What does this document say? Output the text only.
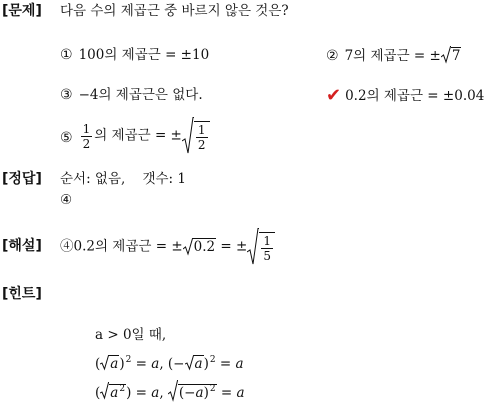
[문제] 다음 수의 제곱근 중 바르지 않은 것은?
① 100의 제곱근 = ±10	② 7의 제곱근 = ± 7
③ −4의 제곱근은 없다.	✔ 0.2의 제곱근 = ±0.04
⑤ $\frac{1}{2}$ 의 제곱근 = ± $\frac{1}{2}$
[정답] 순서: 없음,    갯수: 1
④
[해설] ④0.2의 제곱근 = ± 0.2 = ± $\frac{1}{5}$
[힌트]
a > 0일 때,
( a)$^2$ = a, (− a)$^2$ = a
( $a^2) = a$, $(-a)^2 = a$
